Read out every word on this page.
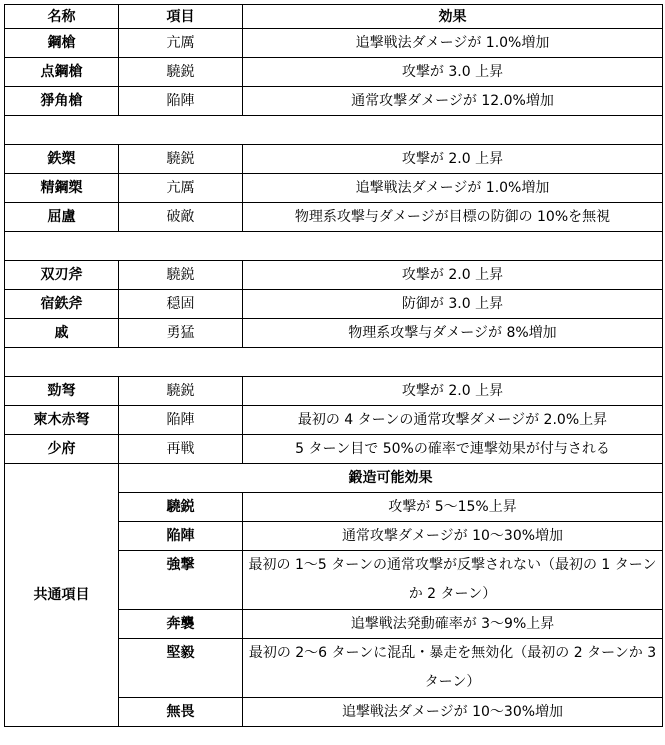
名称	項目	効果
鋼槍	亢厲	追撃戦法ダメージが 1.0%増加
点鋼槍	驍鋭	攻撃が 3.0 上昇
猙角槍	陥陣	通常攻撃ダメージが 12.0%増加

鉄槊	驍鋭	攻撃が 2.0 上昇
精鋼槊	亢厲	追撃戦法ダメージが 1.0%増加
屈盧	破敵	物理系攻撃与ダメージが目標の防御の 10%を無視

双刃斧	驍鋭	攻撃が 2.0 上昇
宿鉄斧	穏固	防御が 3.0 上昇
戚	勇猛	物理系攻撃与ダメージが 8%増加

勁弩	驍鋭	攻撃が 2.0 上昇
柬木赤弩	陥陣	最初の 4 ターンの通常攻撃ダメージが 2.0%上昇
少府	再戦	5 ターン目で 50%の確率で連撃効果が付与される
共通項目	鍛造可能効果	
	驍鋭	攻撃が 5～15%上昇
	陥陣	通常攻撃ダメージが 10～30%増加
	強撃	最初の 1～5 ターンの通常攻撃が反撃されない（最初の 1 ターンか 2 ターン）
	奔襲	追撃戦法発動確率が 3～9%上昇
	堅毅	最初の 2～6 ターンに混乱・暴走を無効化（最初の 2 ターンか 3 ターン）
	無畏	追撃戦法ダメージが 10～30%増加
